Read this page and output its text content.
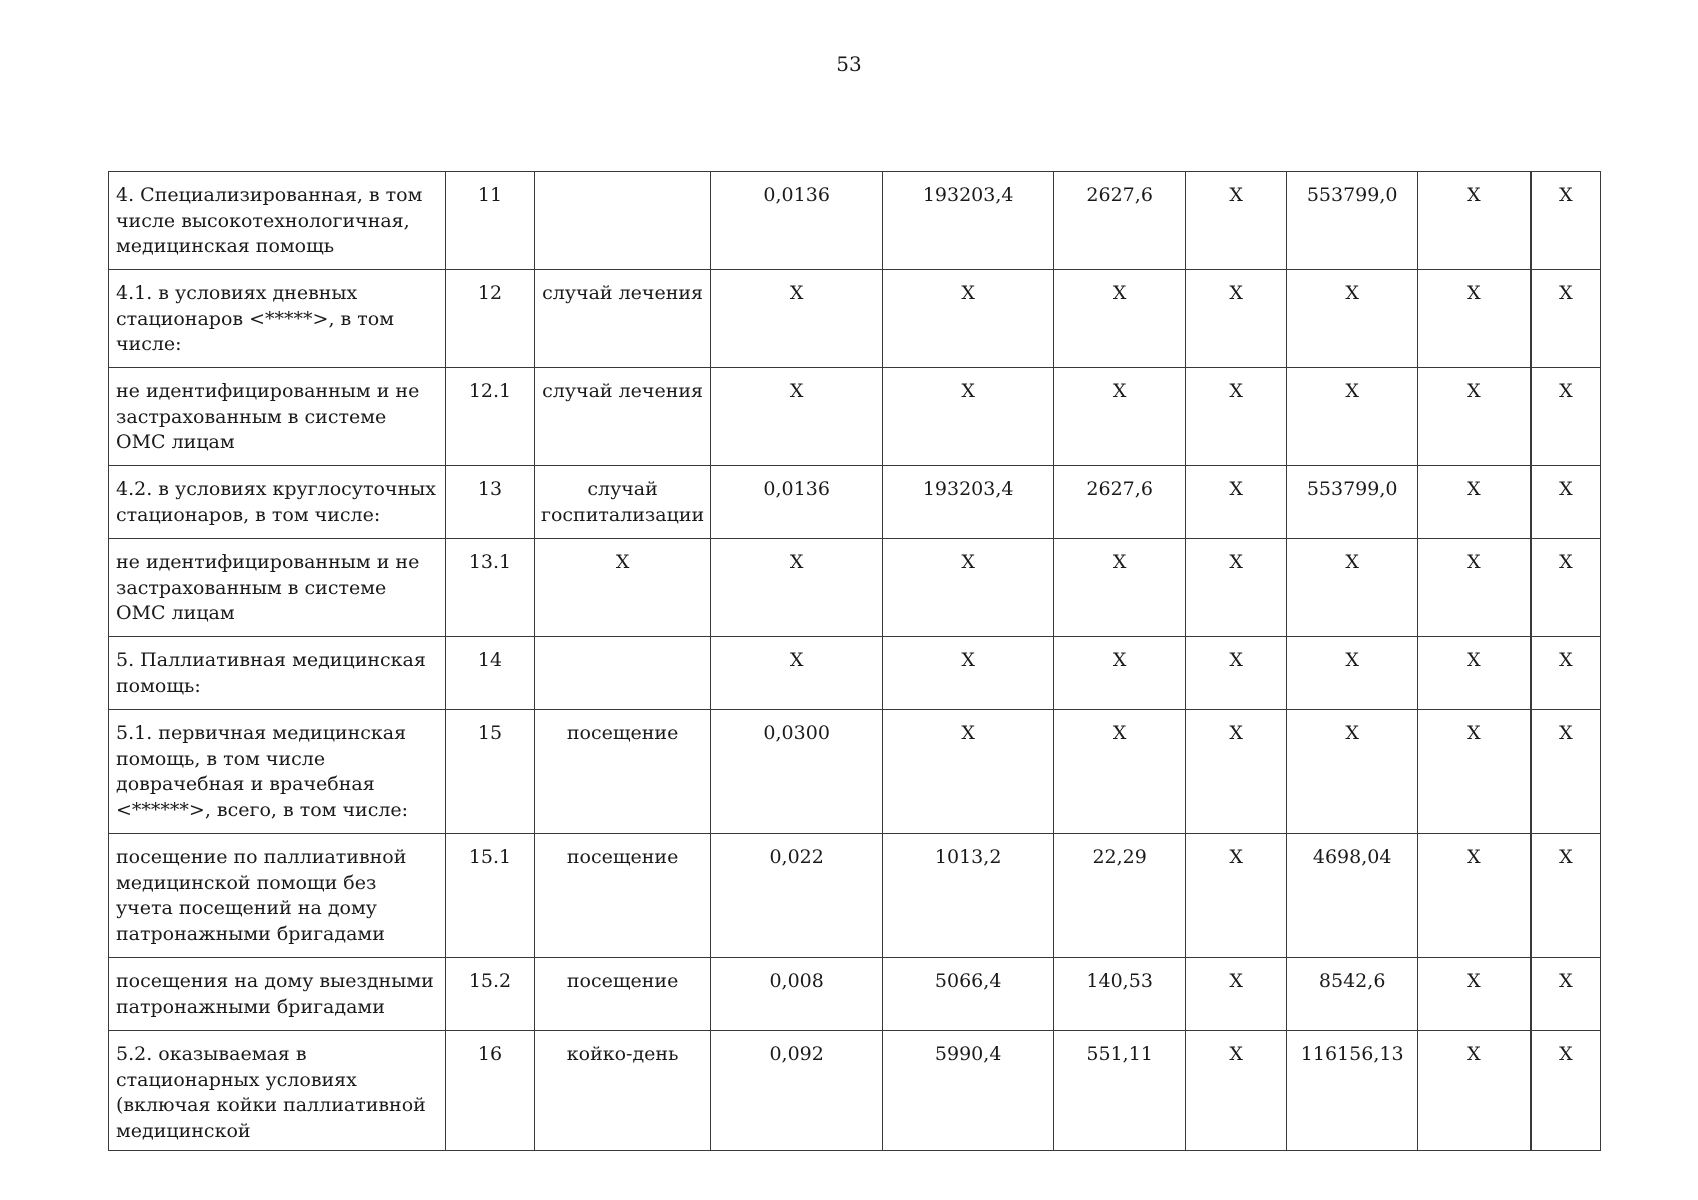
53
4. Специализированная, в том числе высокотехнологичная, медицинская помощь	11		0,0136	193203,4	2627,6	X	553799,0	X	X
4.1. в условиях дневных стационаров <*****>, в том числе:	12	случай лечения	X	X	X	X	X	X	X
не идентифицированным и не застрахованным в системе ОМС лицам	12.1	случай лечения	X	X	X	X	X	X	X
4.2. в условиях круглосуточных стационаров, в том числе:	13	случай госпитализации	0,0136	193203,4	2627,6	X	553799,0	X	X
не идентифицированным и не застрахованным в системе ОМС лицам	13.1	X	X	X	X	X	X	X	X
5. Паллиативная медицинская помощь:	14		X	X	X	X	X	X	X
5.1. первичная медицинская помощь, в том числе доврачебная и врачебная <******>, всего, в том числе:	15	посещение	0,0300	X	X	X	X	X	X
посещение по паллиативной медицинской помощи без учета посещений на дому патронажными бригадами	15.1	посещение	0,022	1013,2	22,29	X	4698,04	X	X
посещения на дому выездными патронажными бригадами	15.2	посещение	0,008	5066,4	140,53	X	8542,6	X	X
5.2. оказываемая в стационарных условиях (включая койки паллиативной медицинской	16	койко-день	0,092	5990,4	551,11	X	116156,13	X	X
